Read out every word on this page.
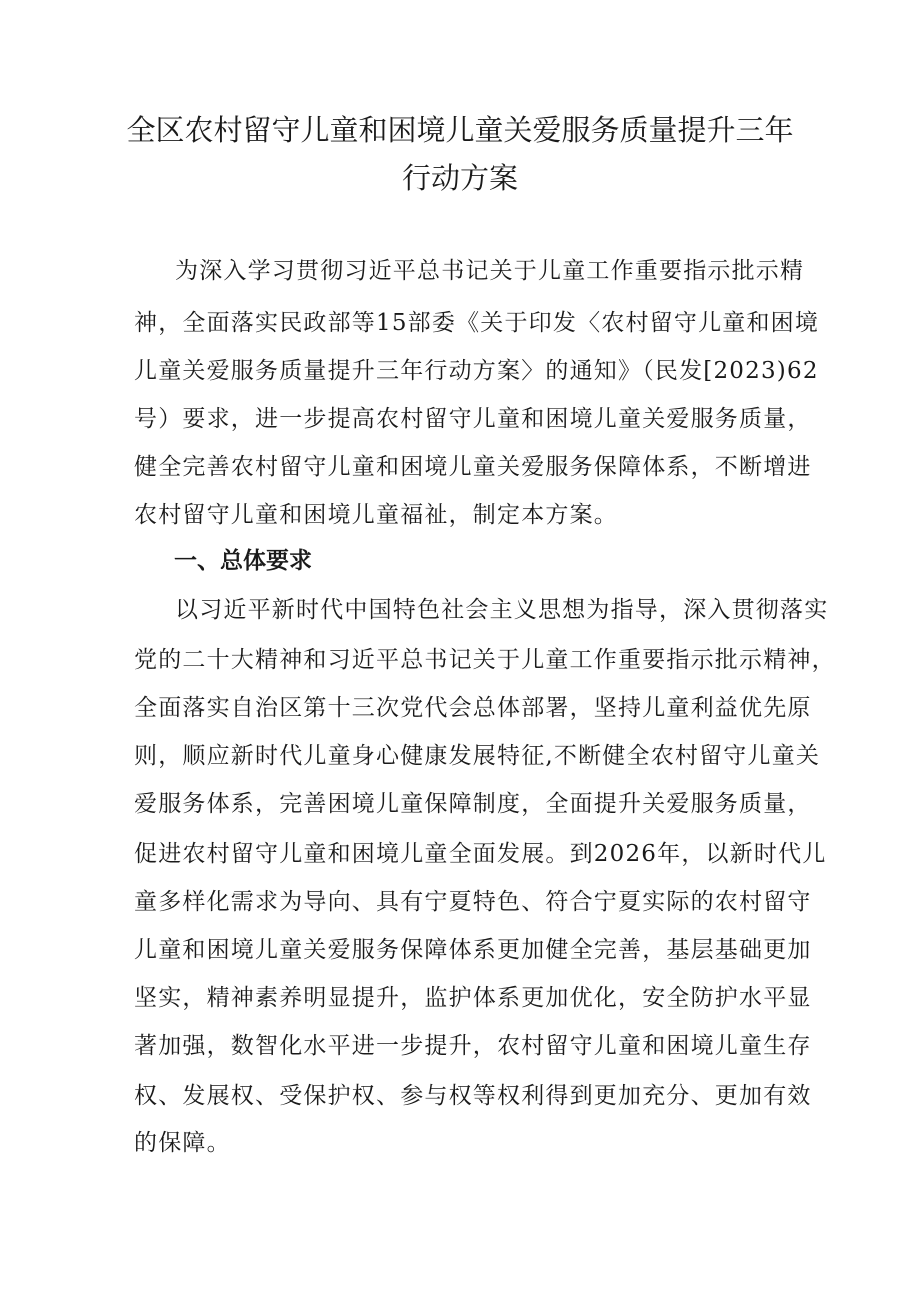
全区农村留守儿童和困境儿童关爱服务质量提升三年
行动方案
为深入学习贯彻习近平总书记关于儿童工作重要指示批示精
神，全面落实民政部等15部委《关于印发〈农村留守儿童和困境
儿童关爱服务质量提升三年行动方案〉的通知》（民发[2023)62
号）要求，进一步提高农村留守儿童和困境儿童关爱服务质量，
健全完善农村留守儿童和困境儿童关爱服务保障体系，不断增进
农村留守儿童和困境儿童福祉，制定本方案。
一、总体要求
以习近平新时代中国特色社会主义思想为指导，深入贯彻落实
党的二十大精神和习近平总书记关于儿童工作重要指示批示精神，
全面落实自治区第十三次党代会总体部署，坚持儿童利益优先原
则，顺应新时代儿童身心健康发展特征,不断健全农村留守儿童关
爱服务体系，完善困境儿童保障制度，全面提升关爱服务质量，
促进农村留守儿童和困境儿童全面发展。到2026年，以新时代儿
童多样化需求为导向、具有宁夏特色、符合宁夏实际的农村留守
儿童和困境儿童关爱服务保障体系更加健全完善，基层基础更加
坚实，精神素养明显提升，监护体系更加优化，安全防护水平显
著加强，数智化水平进一步提升，农村留守儿童和困境儿童生存
权、发展权、受保护权、参与权等权利得到更加充分、更加有效
的保障。
